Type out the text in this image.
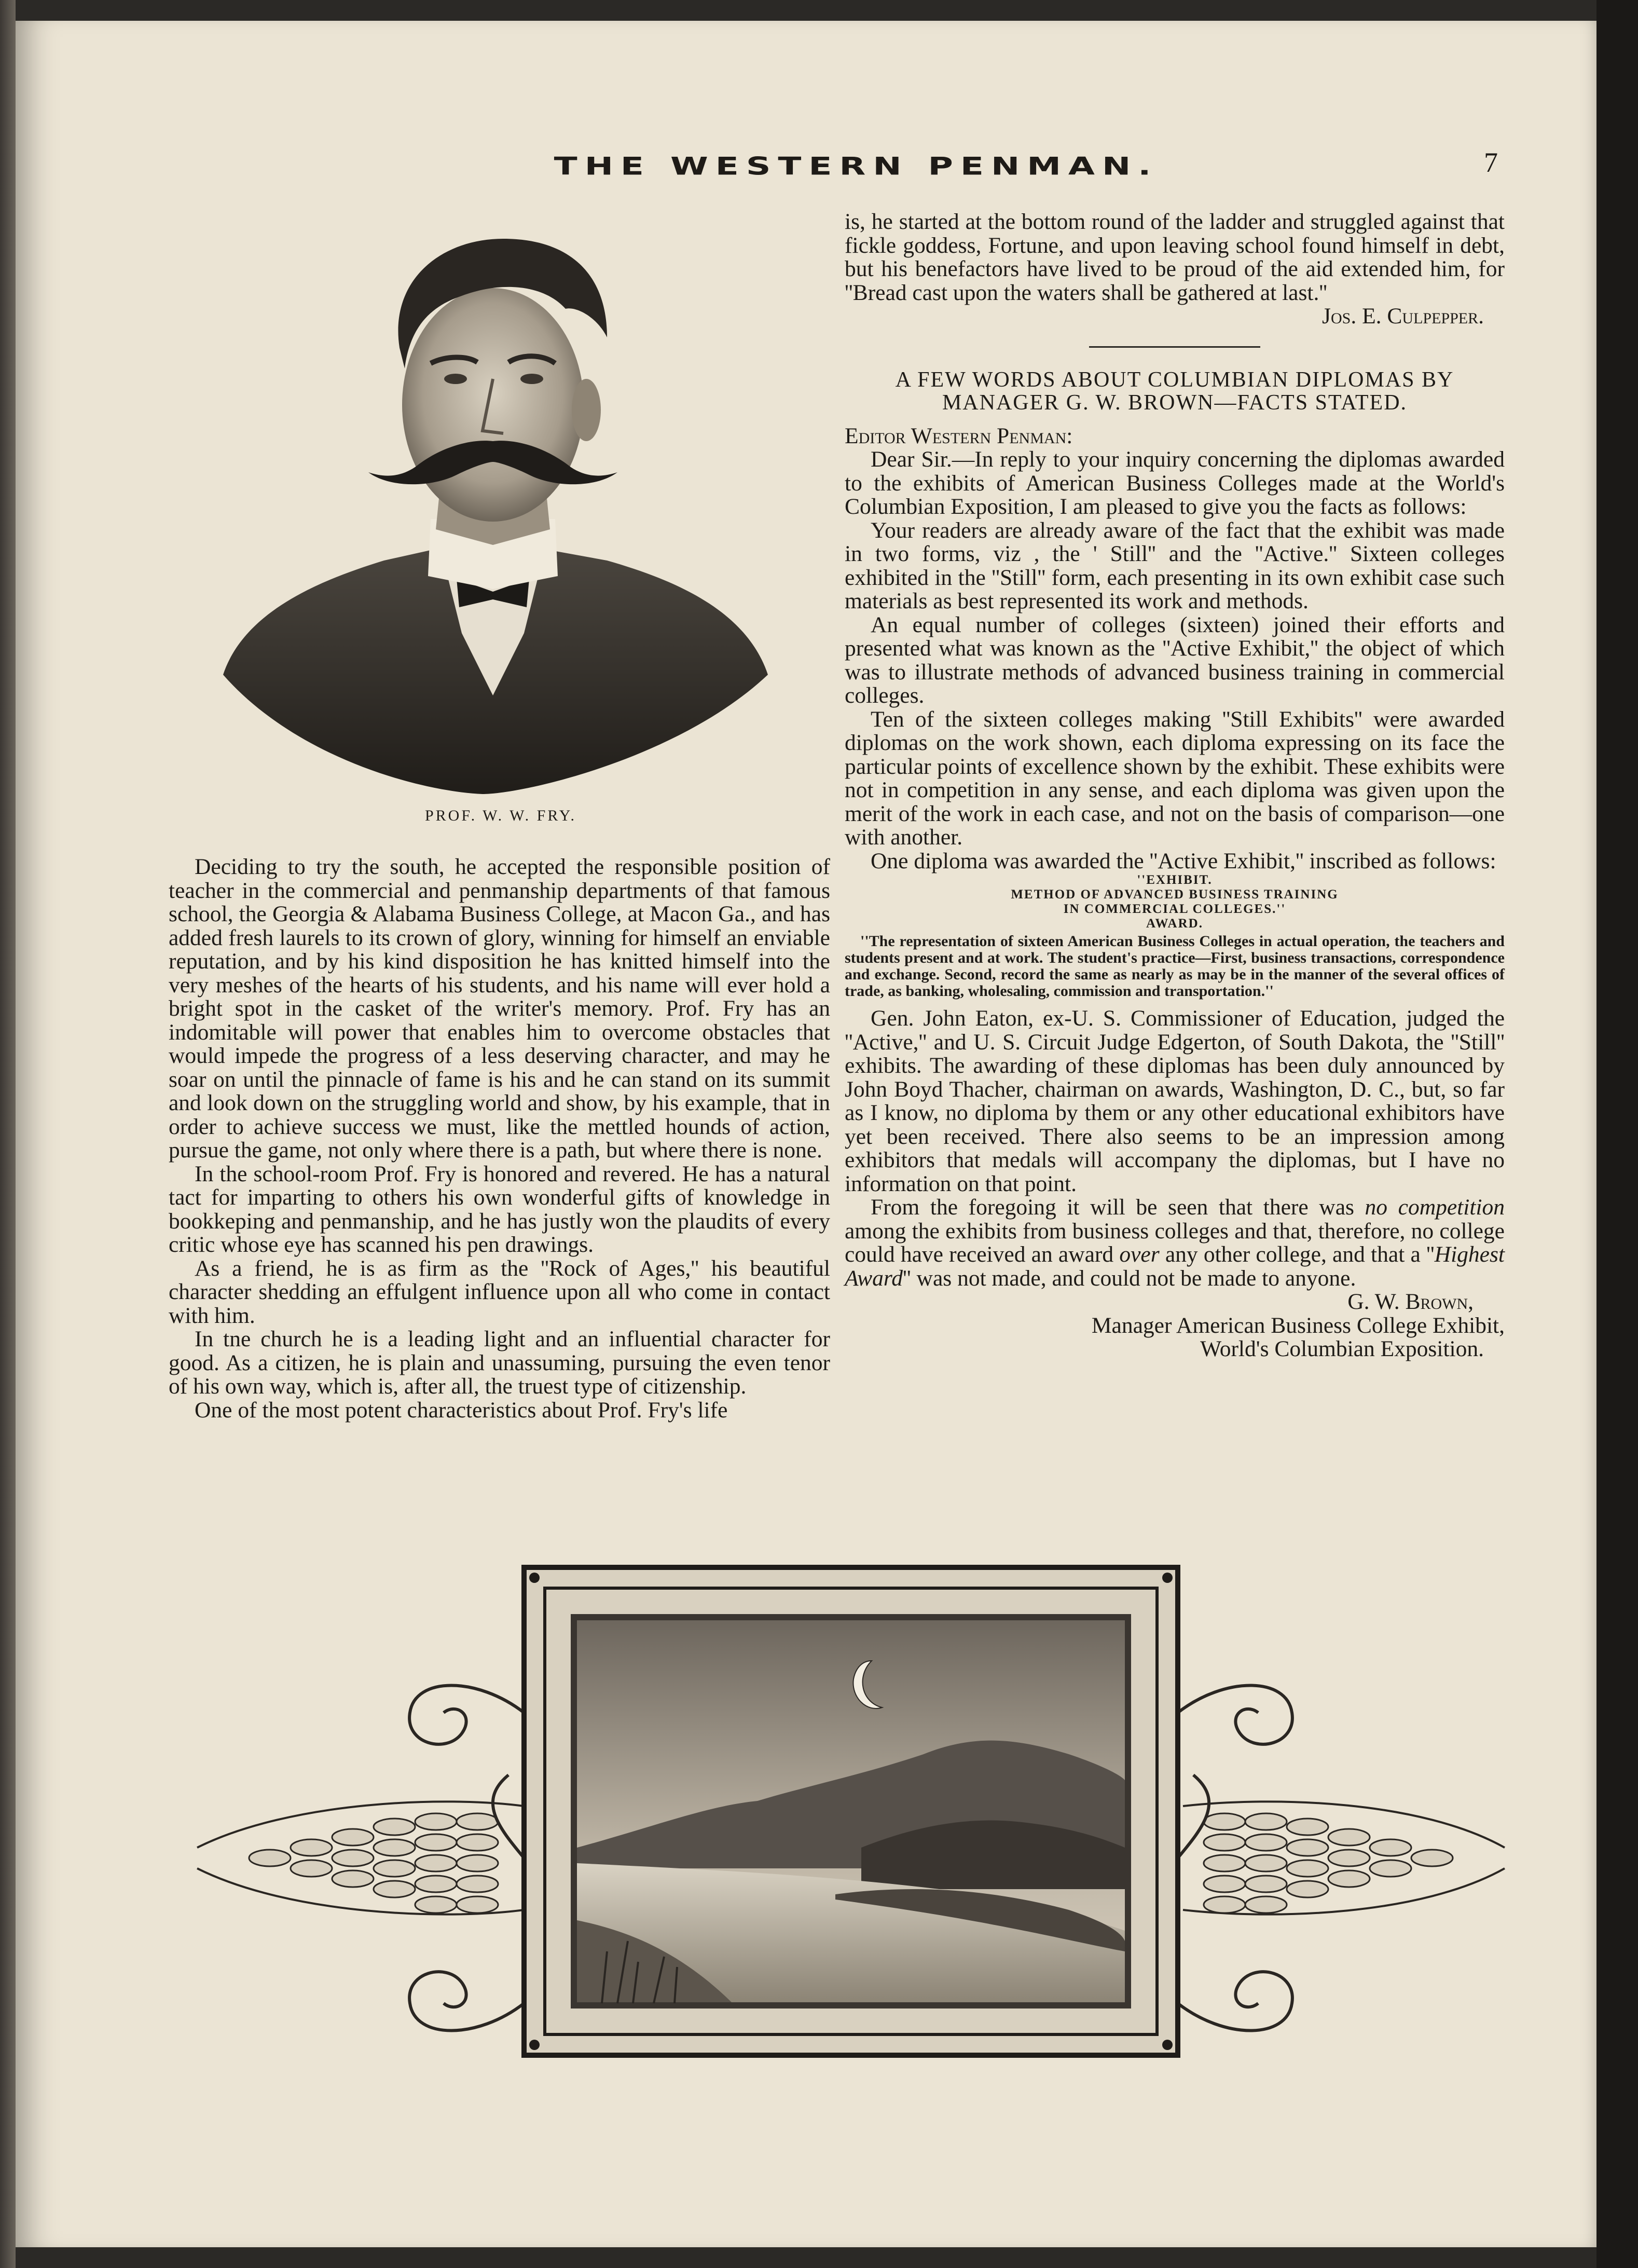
THE WESTERN PENMAN.	7
PROF. W. W. FRY.

Deciding to try the south, he accepted the responsible position of teacher in the commercial and penmanship departments of that famous school, the Georgia & Alabama Business College, at Macon Ga., and has added fresh laurels to its crown of glory, winning for himself an enviable reputation, and by his kind disposition he has knitted himself into the very meshes of the hearts of his students, and his name will ever hold a bright spot in the casket of the writer's memory. Prof. Fry has an indomitable will power that enables him to overcome obstacles that would impede the progress of a less deserving character, and may he soar on until the pinnacle of fame is his and he can stand on its summit and look down on the struggling world and show, by his example, that in order to achieve success we must, like the mettled hounds of action, pursue the game, not only where there is a path, but where there is none.

In the school-room Prof. Fry is honored and revered. He has a natural tact for imparting to others his own wonderful gifts of knowledge in bookkeping and penmanship, and he has justly won the plaudits of every critic whose eye has scanned his pen drawings.

As a friend, he is as firm as the ''Rock of Ages,'' his beautiful character shedding an effulgent influence upon all who come in contact with him.

In tne church he is a leading light and an influential character for good. As a citizen, he is plain and unassuming, pursuing the even tenor of his own way, which is, after all, the truest type of citizenship.

One of the most potent characteristics about Prof. Fry's life

is, he started at the bottom round of the ladder and struggled against that fickle goddess, Fortune, and upon leaving school found himself in debt, but his benefactors have lived to be proud of the aid extended him, for ''Bread cast upon the waters shall be gathered at last.''

Jos. E. Culpepper.
A FEW WORDS ABOUT COLUMBIAN DIPLOMAS BY MANAGER G. W. BROWN—FACTS STATED.

Editor Western Penman:

Dear Sir.—In reply to your inquiry concerning the diplomas awarded to the exhibits of American Business Colleges made at the World's Columbian Exposition, I am pleased to give you the facts as follows:

Your readers are already aware of the fact that the exhibit was made in two forms, viz , the ' Still'' and the ''Active.'' Sixteen colleges exhibited in the ''Still'' form, each presenting in its own exhibit case such materials as best represented its work and methods.

An equal number of colleges (sixteen) joined their efforts and presented what was known as the ''Active Exhibit,'' the object of which was to illustrate methods of advanced business training in commercial colleges.

Ten of the sixteen colleges making ''Still Exhibits'' were awarded diplomas on the work shown, each diploma expressing on its face the particular points of excellence shown by the exhibit. These exhibits were not in competition in any sense, and each diploma was given upon the merit of the work in each case, and not on the basis of comparison—one with another.

One diploma was awarded the ''Active Exhibit,'' inscribed as follows:

''EXHIBIT.

METHOD OF ADVANCED BUSINESS TRAINING

IN COMMERCIAL COLLEGES.''

AWARD.

''The representation of sixteen American Business Colleges in actual operation, the teachers and students present and at work. The student's practice—First, business transactions, correspondence and exchange. Second, record the same as nearly as may be in the manner of the several offices of trade, as banking, wholesaling, commission and transportation.''

Gen. John Eaton, ex-U. S. Commissioner of Education, judged the ''Active,'' and U. S. Circuit Judge Edgerton, of South Dakota, the ''Still'' exhibits. The awarding of these diplomas has been duly announced by John Boyd Thacher, chairman on awards, Washington, D. C., but, so far as I know, no diploma by them or any other educational exhibitors have yet been received. There also seems to be an impression among exhibitors that medals will accompany the diplomas, but I have no information on that point.

From the foregoing it will be seen that there was no competition among the exhibits from business colleges and that, therefore, no college could have received an award over any other college, and that a ''Highest Award'' was not made, and could not be made to anyone.

G. W. Brown,
Manager American Business College Exhibit,
World's Columbian Exposition.
